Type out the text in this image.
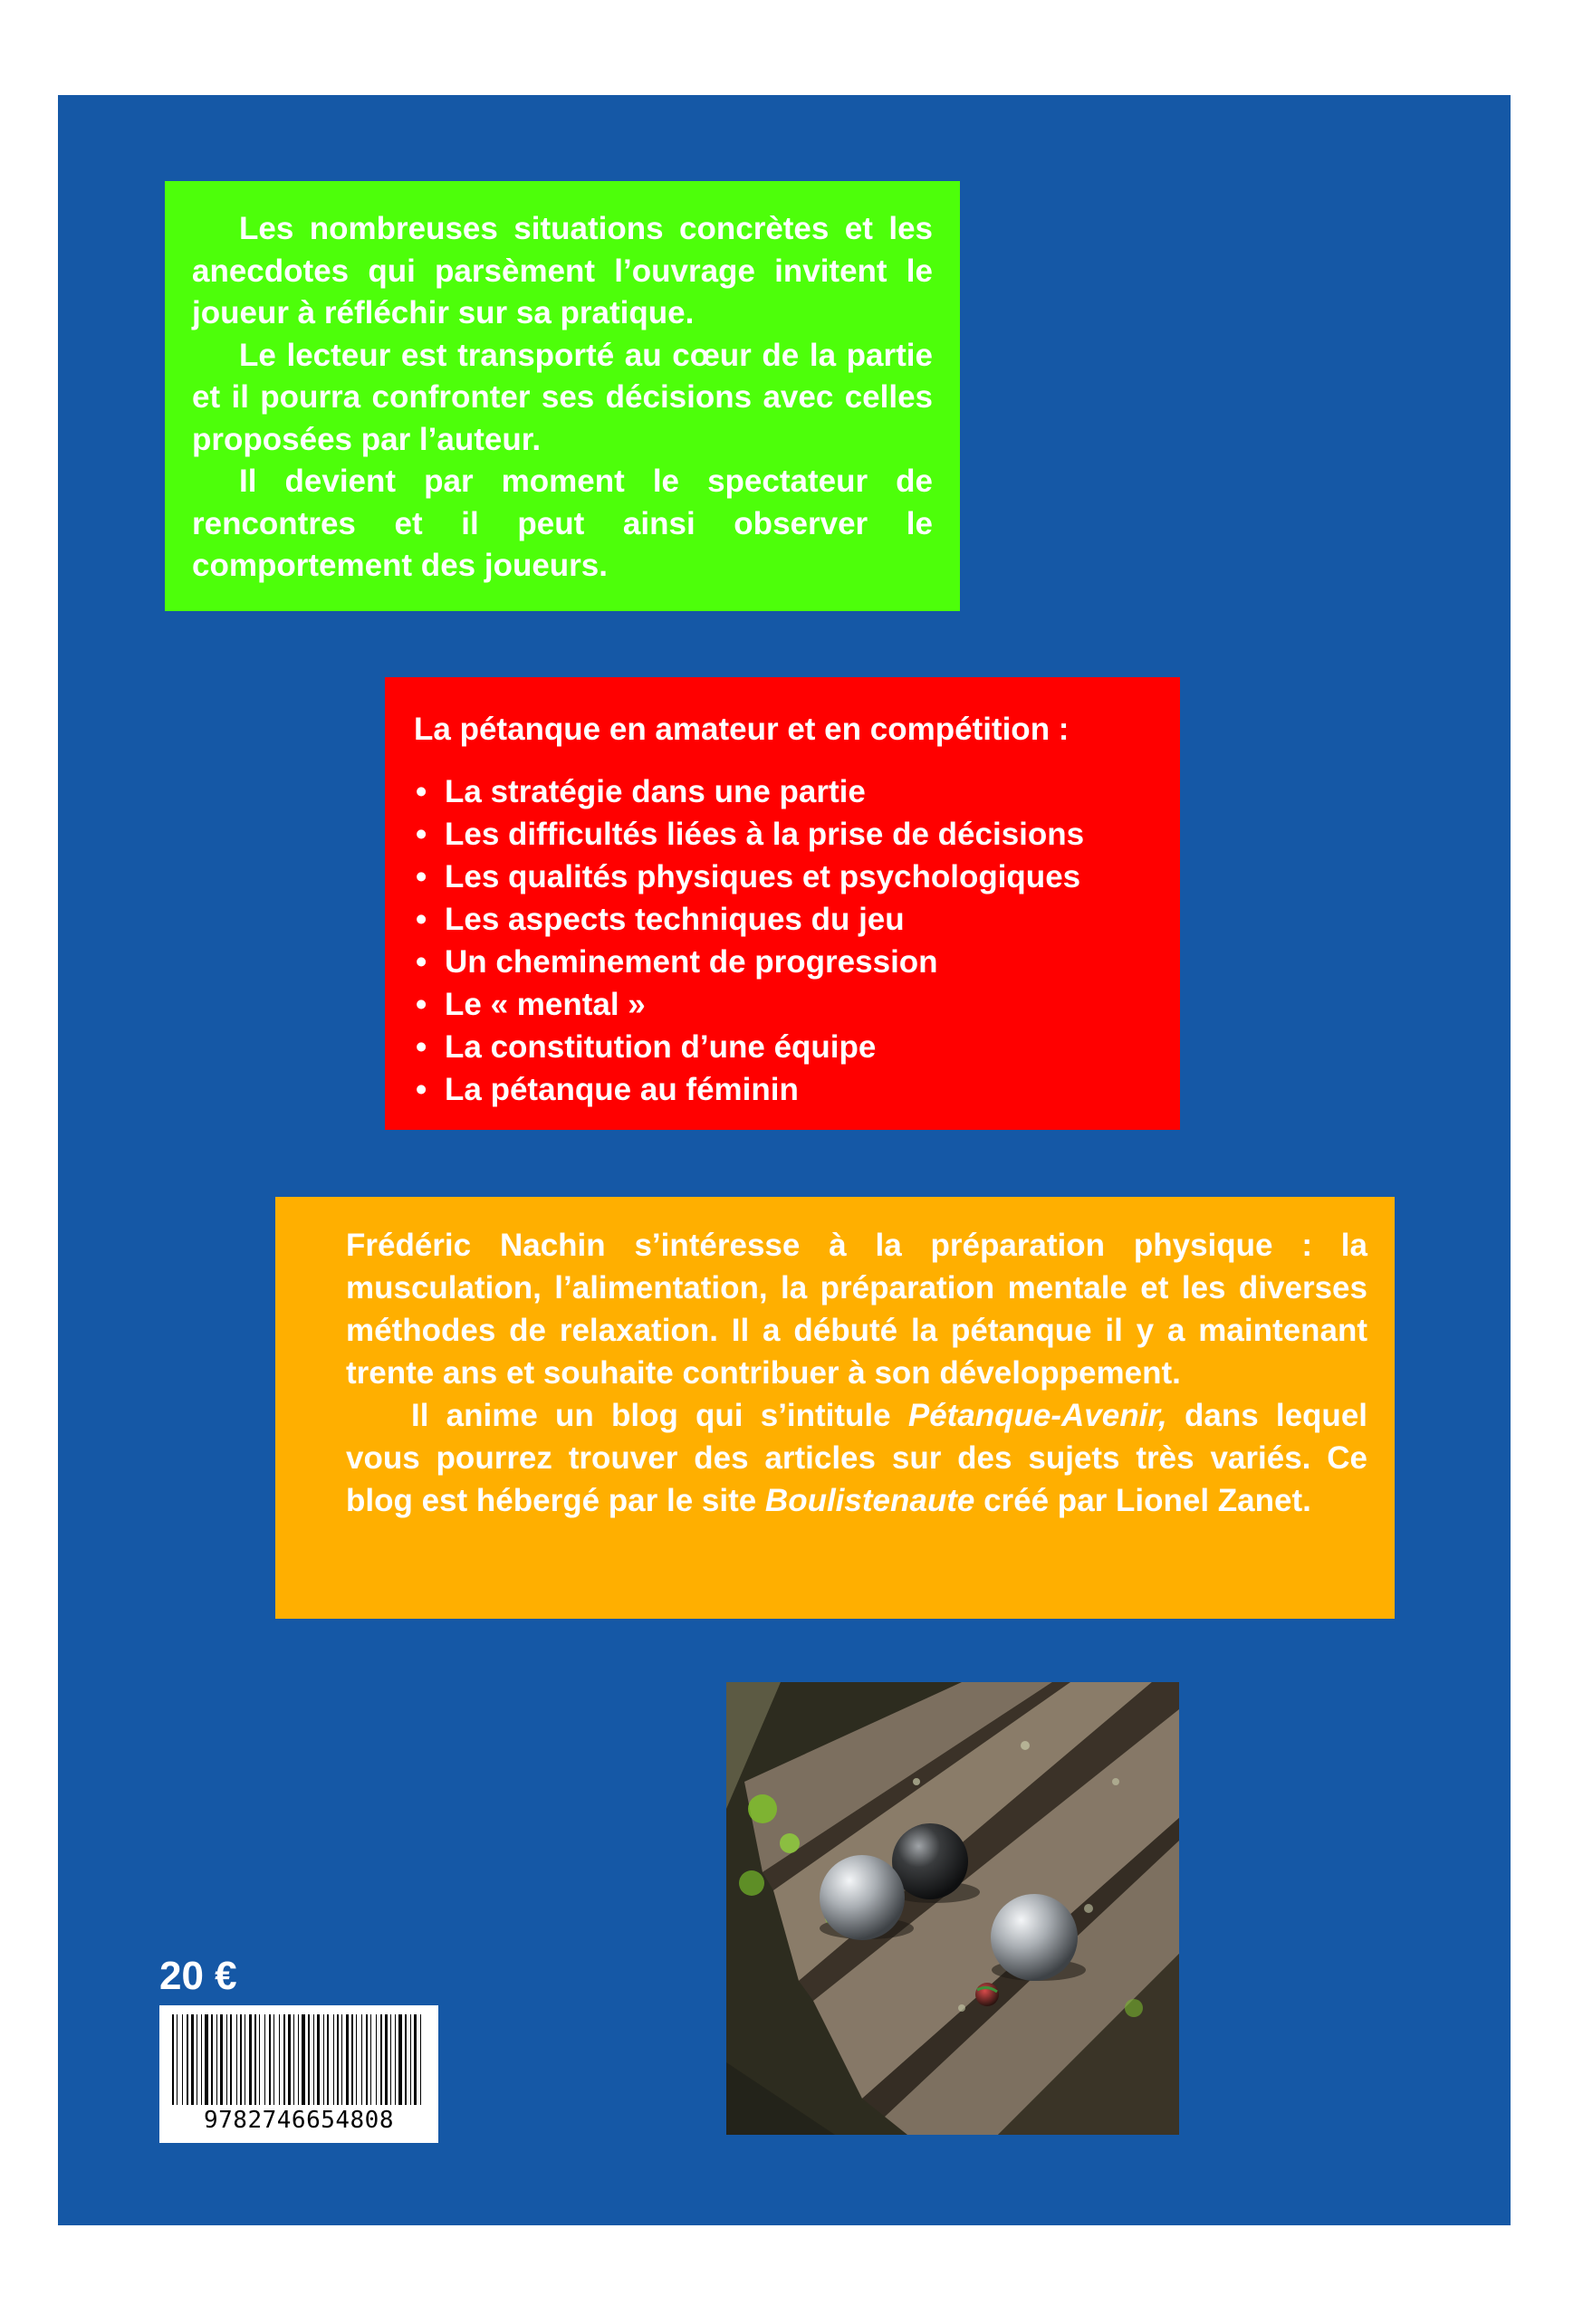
Les nombreuses situations concrètes et les anecdotes qui parsèment l’ouvrage invitent le joueur à réfléchir sur sa pratique.

Le lecteur est transporté au cœur de la partie et il pourra confronter ses décisions avec celles proposées par l’auteur.

Il devient par moment le spectateur de rencontres et il peut ainsi observer le comportement des joueurs.

La pétanque en amateur et en compétition :
• La stratégie dans une partie
• Les difficultés liées à la prise de décisions
• Les qualités physiques et psychologiques
• Les aspects techniques du jeu
• Un cheminement de progression
• Le « mental »
• La constitution d’une équipe
• La pétanque au féminin

Frédéric Nachin s’intéresse à la préparation physique : la musculation, l’alimentation, la préparation mentale et les diverses méthodes de relaxation. Il a débuté la pétanque il y a maintenant trente ans et souhaite contribuer à son développement.

Il anime un blog qui s’intitule Pétanque-Avenir, dans lequel vous pourrez trouver des articles sur des sujets très variés. Ce blog est hébergé par le site Boulistenaute créé par Lionel Zanet.

20 €
9782746654808
